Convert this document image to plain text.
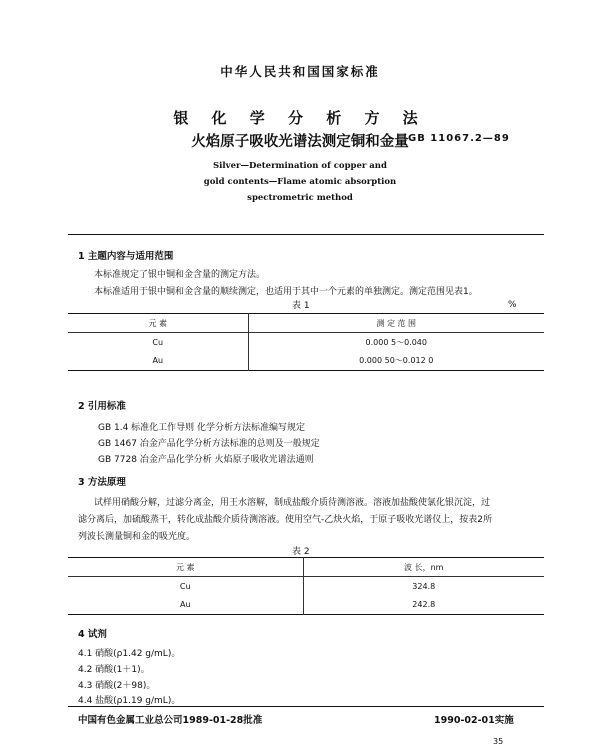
中华人民共和国国家标准
银 化 学 分 析 方 法
火焰原子吸收光谱法测定铜和金量 GB 11067.2—89
Silver—Determination of copper and
gold contents—Flame atomic absorption
spectrometric method
1 主题内容与适用范围
本标准规定了银中铜和金含量的测定方法。
本标准适用于银中铜和金含量的顺续测定，也适用于其中一个元素的单独测定。测定范围见表1。
表 1	%
元 素	测 定 范 围
Cu	0.000 5～0.040
Au	0.000 50～0.012 0
2 引用标准
GB 1.4 标准化工作导则 化学分析方法标准编写规定
GB 1467 冶金产品化学分析方法标准的总则及一般规定
GB 7728 冶金产品化学分析 火焰原子吸收光谱法通则
3 方法原理
试样用硝酸分解，过滤分离金，用王水溶解，制成盐酸介质待测溶液。溶液加盐酸使氯化银沉淀，过
滤分离后，加硫酸蒸干，转化成盐酸介质待测溶液。使用空气-乙炔火焰，于原子吸收光谱仪上，按表2所
列波长测量铜和金的吸光度。
表 2
元 素	波 长，nm
Cu	324.8
Au	242.8
4 试剂
4.1 硝酸(ρ1.42 g/mL)。
4.2 硝酸(1＋1)。
4.3 硝酸(2＋98)。
4.4 盐酸(ρ1.19 g/mL)。
中国有色金属工业总公司1989-01-28批准	1990-02-01实施
35
